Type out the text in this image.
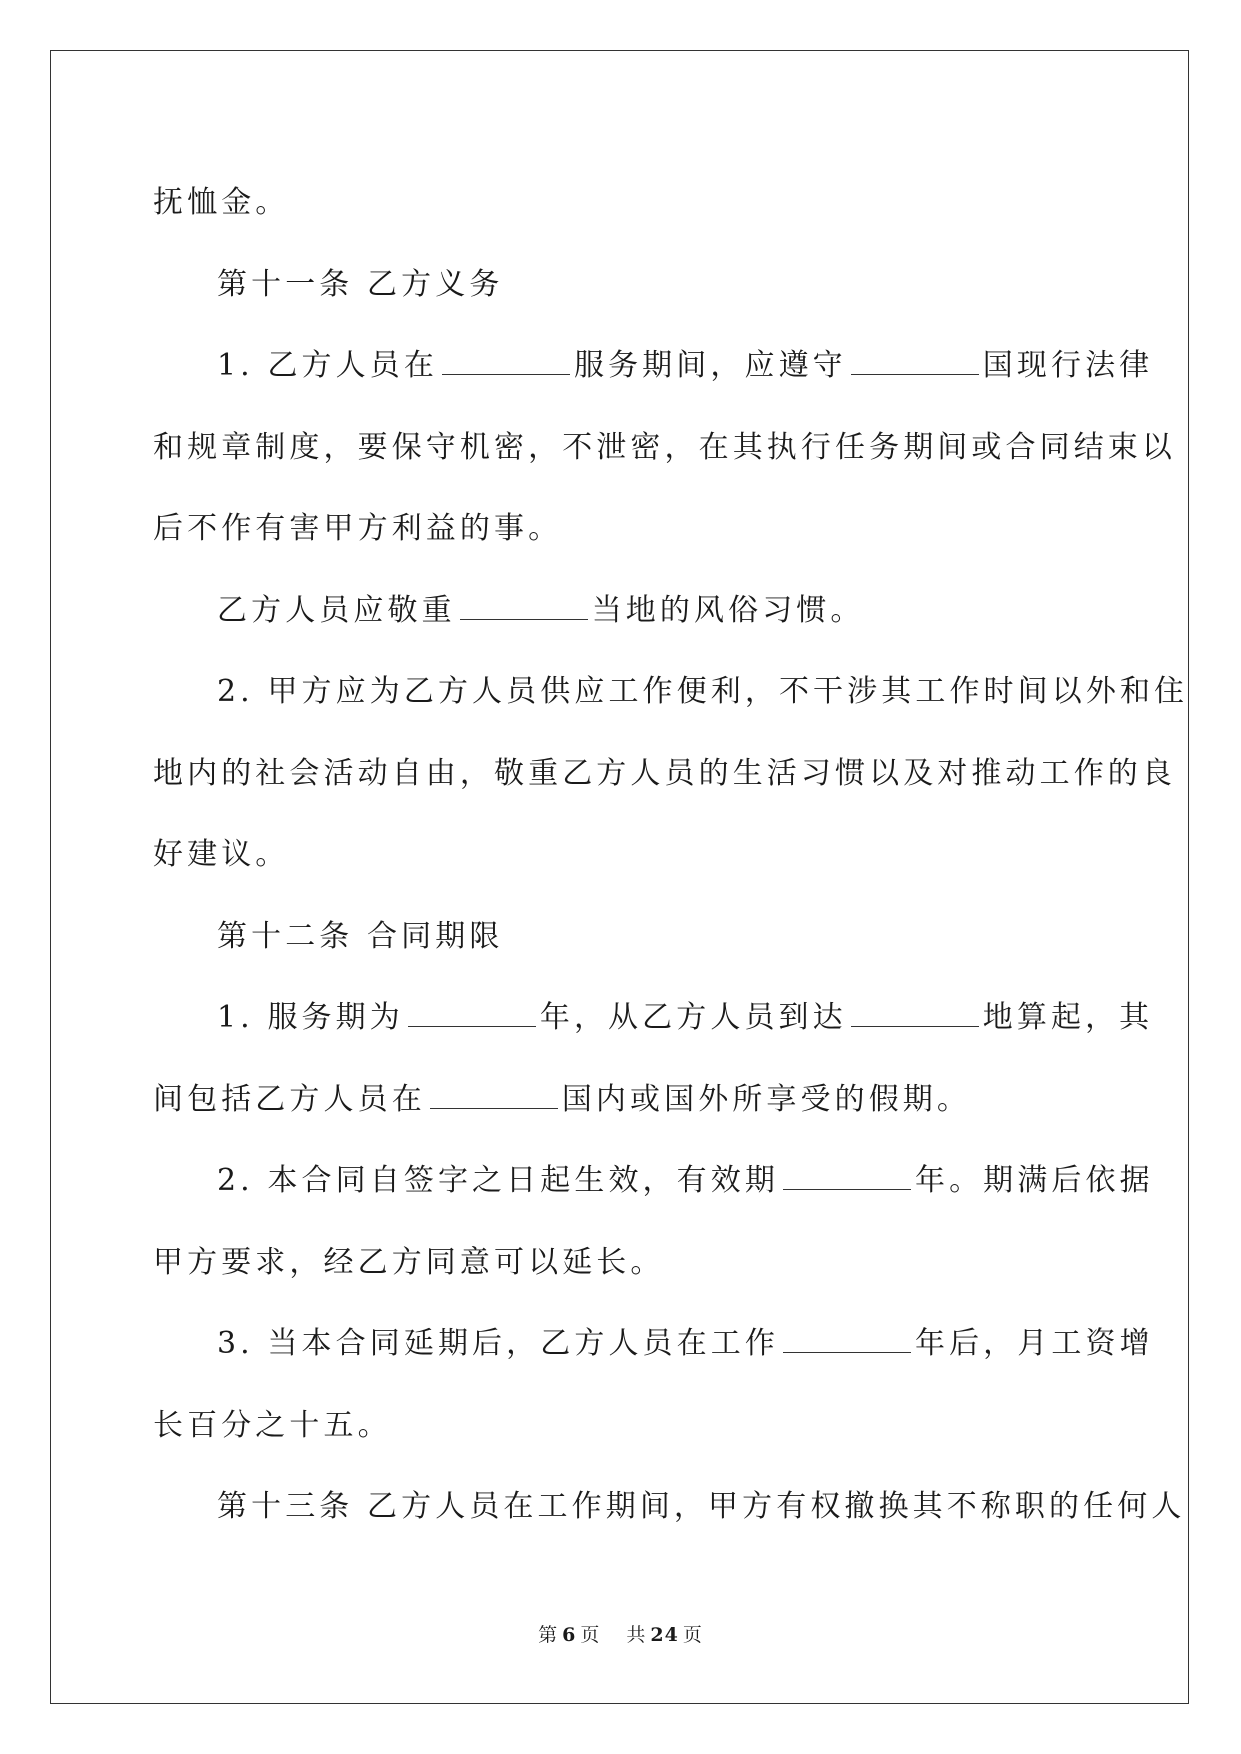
抚恤金。
第十一条 乙方义务
1. 乙方人员在	服务期间，应遵守	国现行法律
和规章制度，要保守机密，不泄密，在其执行任务期间或合同结束以
后不作有害甲方利益的事。
乙方人员应敬重	当地的风俗习惯。
2. 甲方应为乙方人员供应工作便利，不干涉其工作时间以外和住
地内的社会活动自由，敬重乙方人员的生活习惯以及对推动工作的良
好建议。
第十二条 合同期限
1. 服务期为	年，从乙方人员到达	地算起，其
间包括乙方人员在	国内或国外所享受的假期。
2. 本合同自签字之日起生效，有效期	年。期满后依据
甲方要求，经乙方同意可以延长。
3. 当本合同延期后，乙方人员在工作	年后，月工资增
长百分之十五。
第十三条 乙方人员在工作期间，甲方有权撤换其不称职的任何人
第 6 页 共 24 页
